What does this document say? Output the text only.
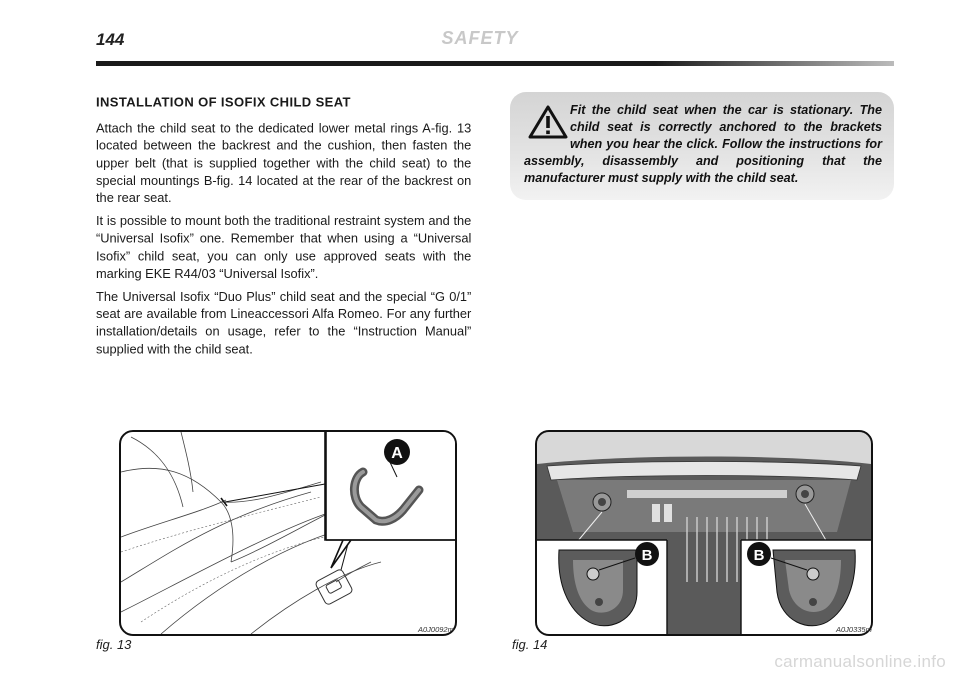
144	SAFETY
INSTALLATION OF ISOFIX CHILD SEAT

Attach the child seat to the dedicated lower metal rings A-fig. 13 located between the backrest and the cushion, then fasten the upper belt (that is supplied together with the child seat) to the special mountings B-fig. 14 located at the rear of the backrest on the rear seat.

It is possible to mount both the traditional restraint system and the “Universal Isofix” one. Remember that when using a “Universal Isofix” child seat, you can only use approved seats with the marking EKE R44/03 “Universal Isofix”.

The Universal Isofix “Duo Plus” child seat and the special “G 0/1” seat are available from Lineaccessori Alfa Romeo. For any further installation/details on usage, refer to the “Instruction Manual” supplied with the child seat.

Fit the child seat when the car is stationary. The child seat is correctly anchored to the brackets when you hear the click. Follow the instructions for assembly, disassembly and positioning that the manufacturer must supply with the child seat.
A
fig. 13
A0J0092m
B	B
fig. 14
A0J0335m
carmanualsonline.info
